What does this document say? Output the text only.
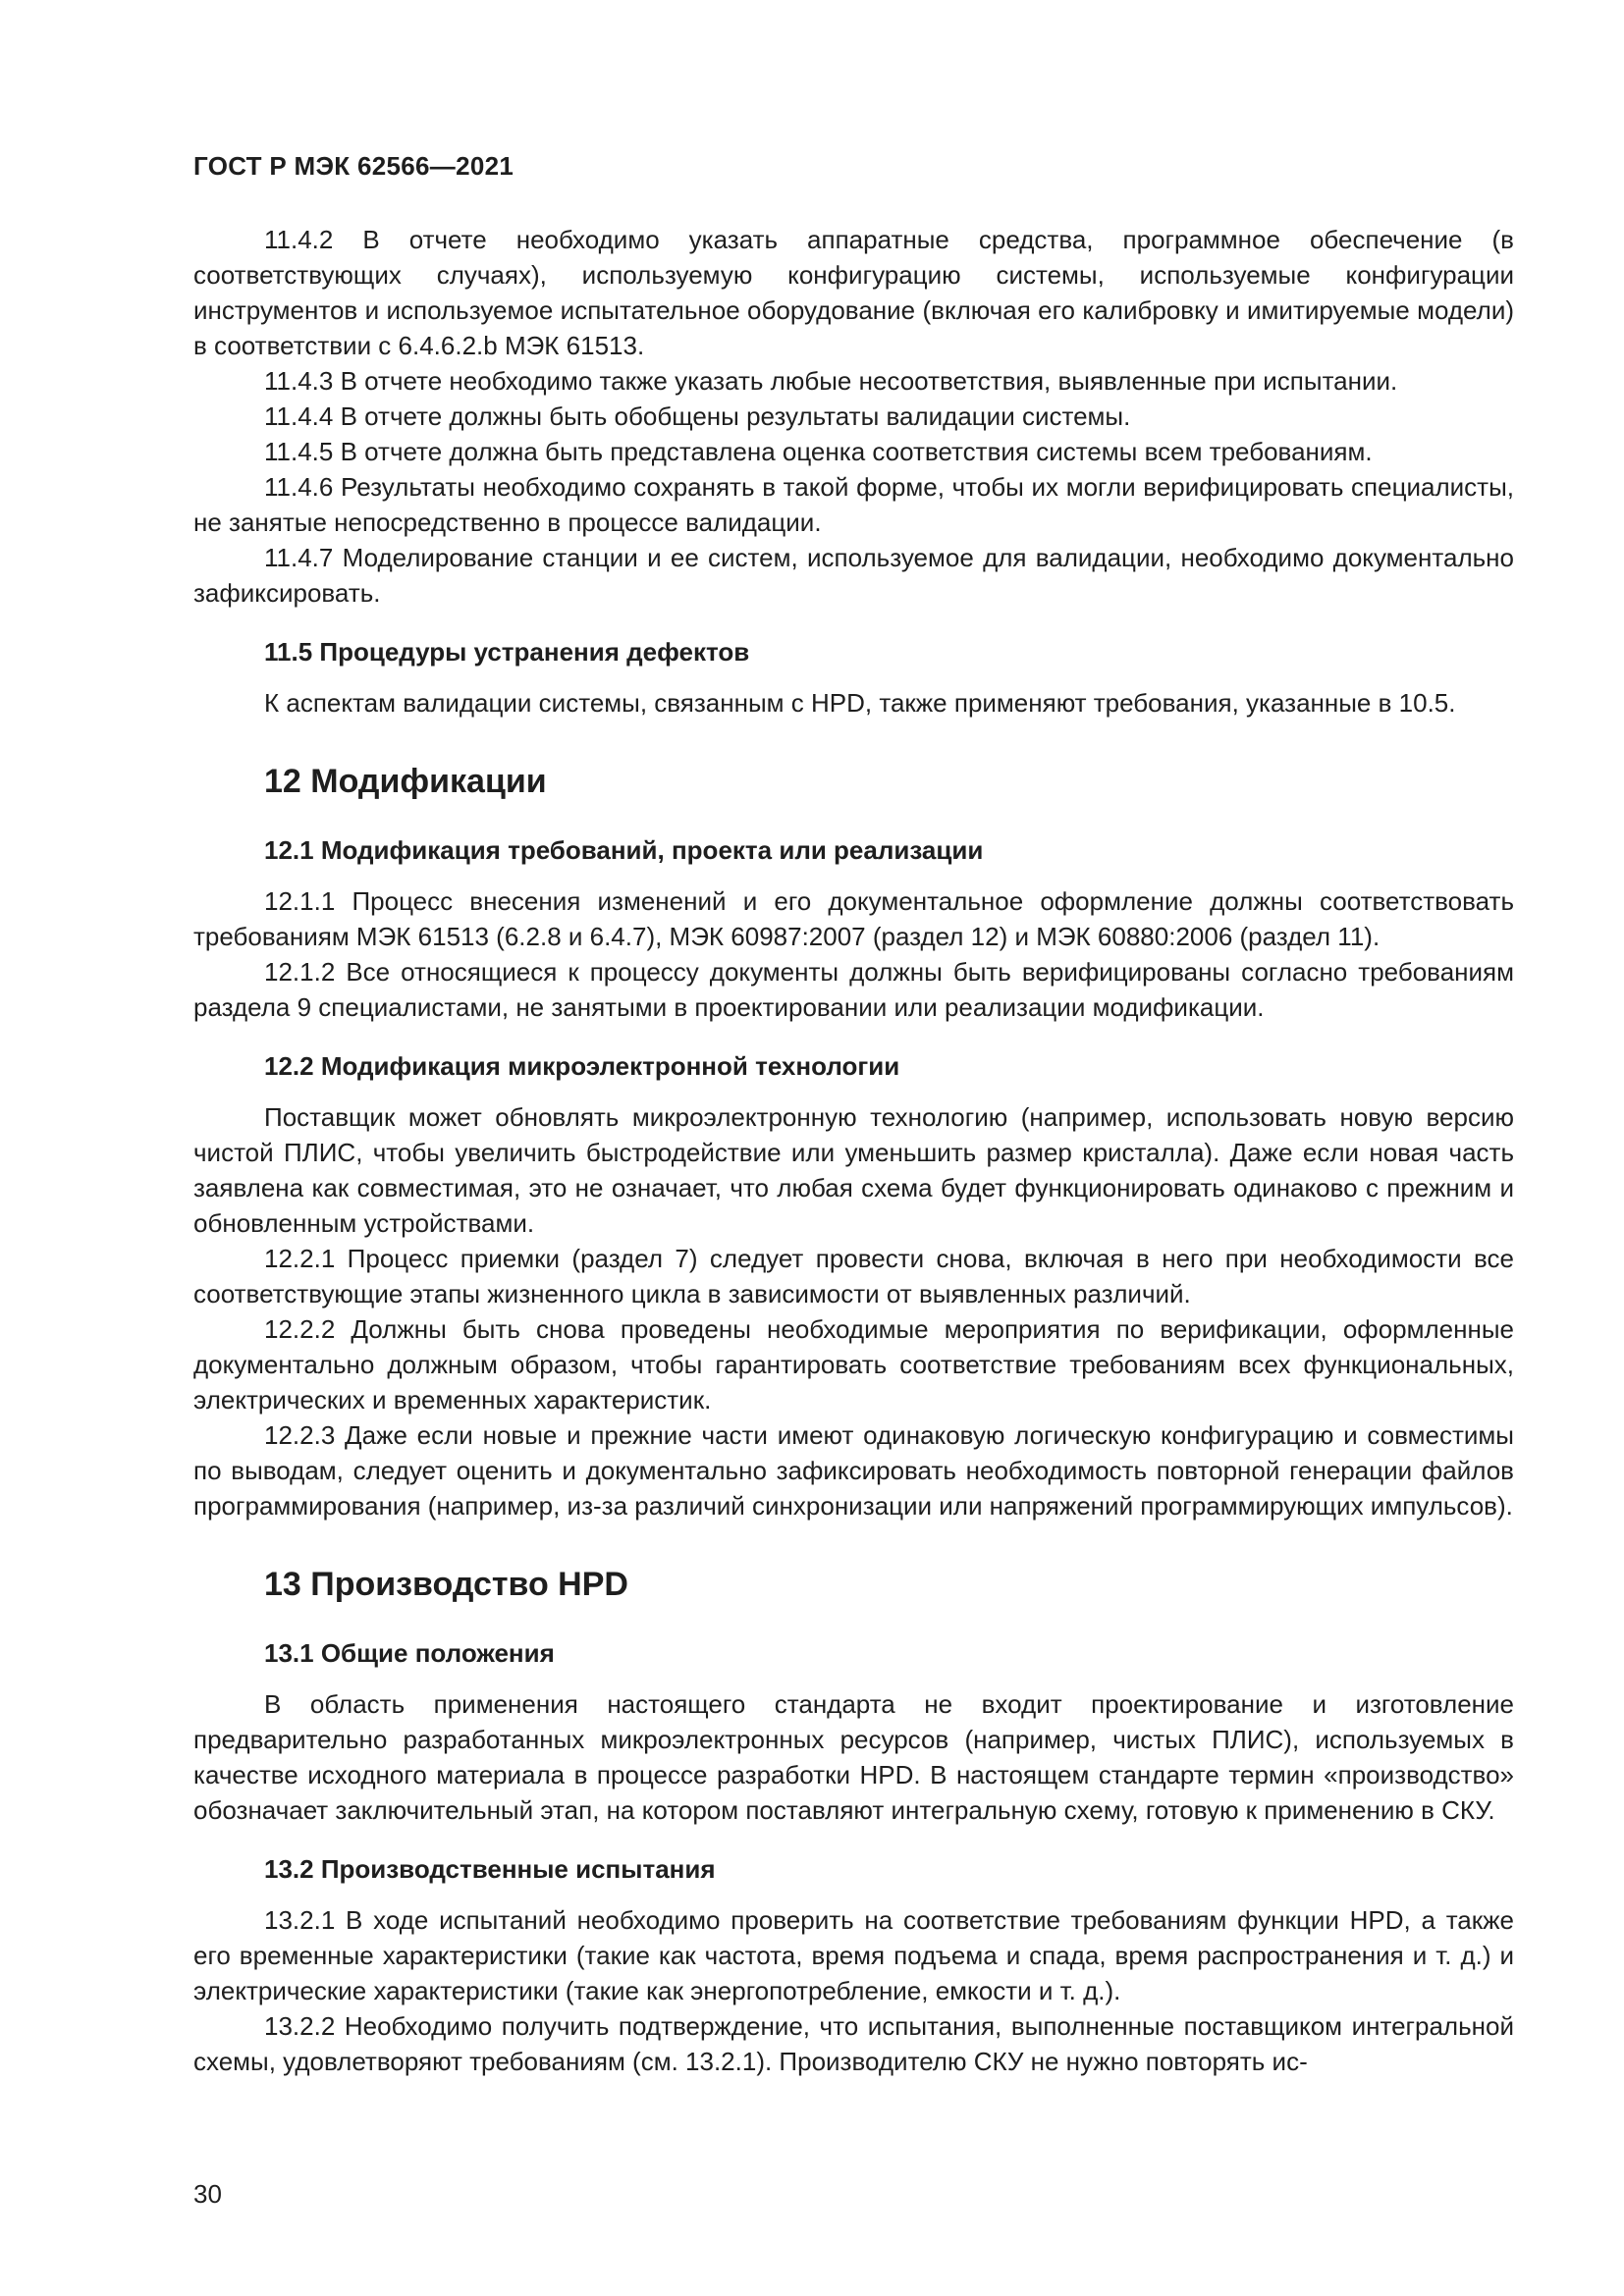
ГОСТ Р МЭК 62566—2021

11.4.2 В отчете необходимо указать аппаратные средства, программное обеспечение (в соответствующих случаях), используемую конфигурацию системы, используемые конфигурации инструментов и используемое испытательное оборудование (включая его калибровку и имитируемые модели) в соответствии с 6.4.6.2.b МЭК 61513.

11.4.3 В отчете необходимо также указать любые несоответствия, выявленные при испытании.

11.4.4 В отчете должны быть обобщены результаты валидации системы.

11.4.5 В отчете должна быть представлена оценка соответствия системы всем требованиям.

11.4.6 Результаты необходимо сохранять в такой форме, чтобы их могли верифицировать специалисты, не занятые непосредственно в процессе валидации.

11.4.7 Моделирование станции и ее систем, используемое для валидации, необходимо документально зафиксировать.

11.5 Процедуры устранения дефектов

К аспектам валидации системы, связанным с HPD, также применяют требования, указанные в 10.5.

12 Модификации
12.1 Модификация требований, проекта или реализации

12.1.1 Процесс внесения изменений и его документальное оформление должны соответствовать требованиям МЭК 61513 (6.2.8 и 6.4.7), МЭК 60987:2007 (раздел 12) и МЭК 60880:2006 (раздел 11).

12.1.2 Все относящиеся к процессу документы должны быть верифицированы согласно требованиям раздела 9 специалистами, не занятыми в проектировании или реализации модификации.

12.2 Модификация микроэлектронной технологии

Поставщик может обновлять микроэлектронную технологию (например, использовать новую версию чистой ПЛИС, чтобы увеличить быстродействие или уменьшить размер кристалла). Даже если новая часть заявлена как совместимая, это не означает, что любая схема будет функционировать одинаково с прежним и обновленным устройствами.

12.2.1 Процесс приемки (раздел 7) следует провести снова, включая в него при необходимости все соответствующие этапы жизненного цикла в зависимости от выявленных различий.

12.2.2 Должны быть снова проведены необходимые мероприятия по верификации, оформленные документально должным образом, чтобы гарантировать соответствие требованиям всех функциональных, электрических и временных характеристик.

12.2.3 Даже если новые и прежние части имеют одинаковую логическую конфигурацию и совместимы по выводам, следует оценить и документально зафиксировать необходимость повторной генерации файлов программирования (например, из-за различий синхронизации или напряжений программирующих импульсов).

13 Производство HPD
13.1 Общие положения

В область применения настоящего стандарта не входит проектирование и изготовление предварительно разработанных микроэлектронных ресурсов (например, чистых ПЛИС), используемых в качестве исходного материала в процессе разработки HPD. В настоящем стандарте термин «производство» обозначает заключительный этап, на котором поставляют интегральную схему, готовую к применению в СКУ.

13.2 Производственные испытания

13.2.1 В ходе испытаний необходимо проверить на соответствие требованиям функции HPD, а также его временные характеристики (такие как частота, время подъема и спада, время распространения и т. д.) и электрические характеристики (такие как энергопотребление, емкости и т. д.).

13.2.2 Необходимо получить подтверждение, что испытания, выполненные поставщиком интегральной схемы, удовлетворяют требованиям (см. 13.2.1). Производителю СКУ не нужно повторять ис-

30
